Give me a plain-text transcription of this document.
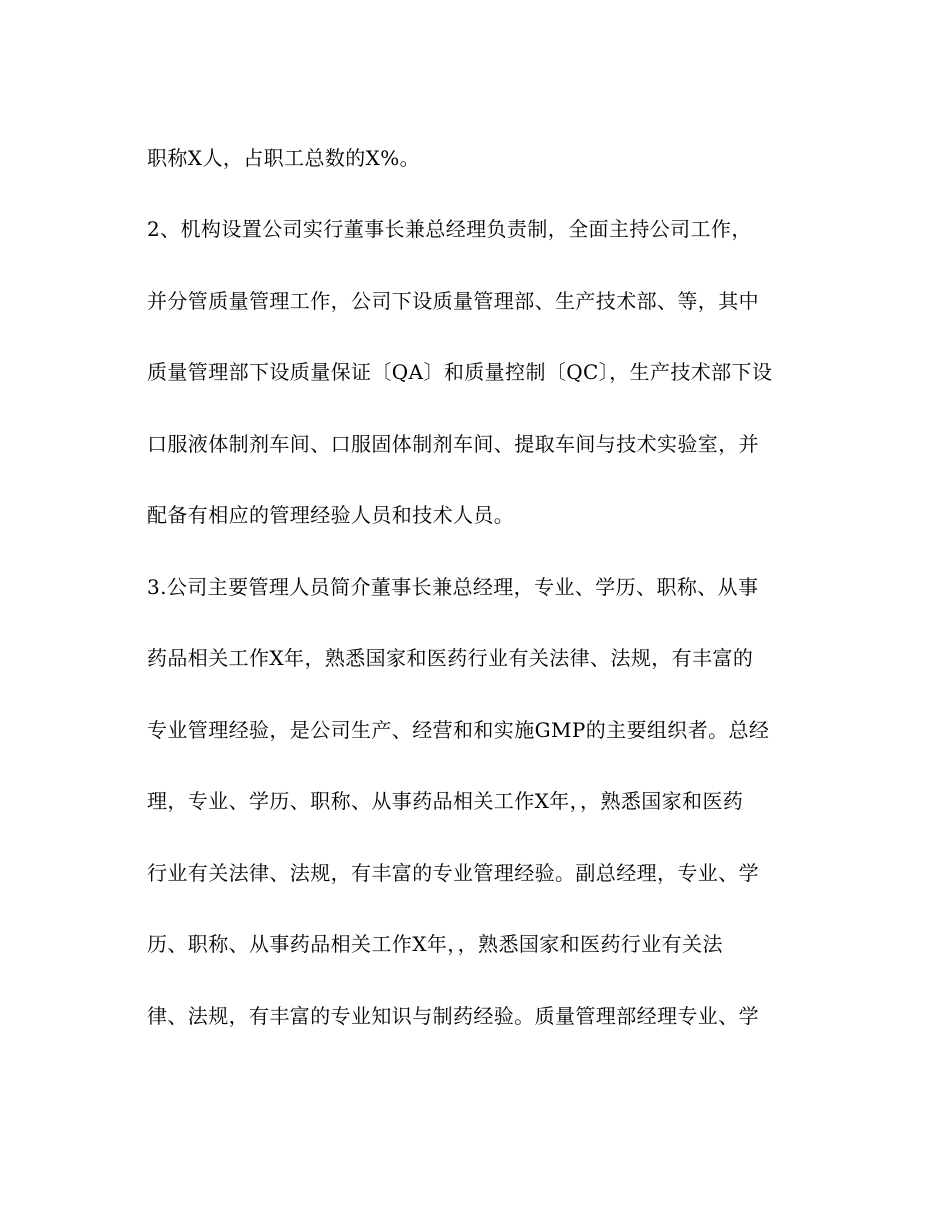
职称X人，占职工总数的X%。
2、机构设置公司实行董事长兼总经理负责制，全面主持公司工作，
并分管质量管理工作，公司下设质量管理部、生产技术部、等，其中
质量管理部下设质量保证〔QA〕和质量控制〔QC〕，生产技术部下设
口服液体制剂车间、口服固体制剂车间、提取车间与技术实验室，并
配备有相应的管理经验人员和技术人员。
3.公司主要管理人员简介董事长兼总经理，专业、学历、职称、从事
药品相关工作X年，熟悉国家和医药行业有关法律、法规，有丰富的
专业管理经验，是公司生产、经营和和实施GMP的主要组织者。总经
理，专业、学历、职称、从事药品相关工作X年，，熟悉国家和医药
行业有关法律、法规，有丰富的专业管理经验。副总经理，专业、学
历、职称、从事药品相关工作X年，，熟悉国家和医药行业有关法
律、法规，有丰富的专业知识与制药经验。质量管理部经理专业、学
